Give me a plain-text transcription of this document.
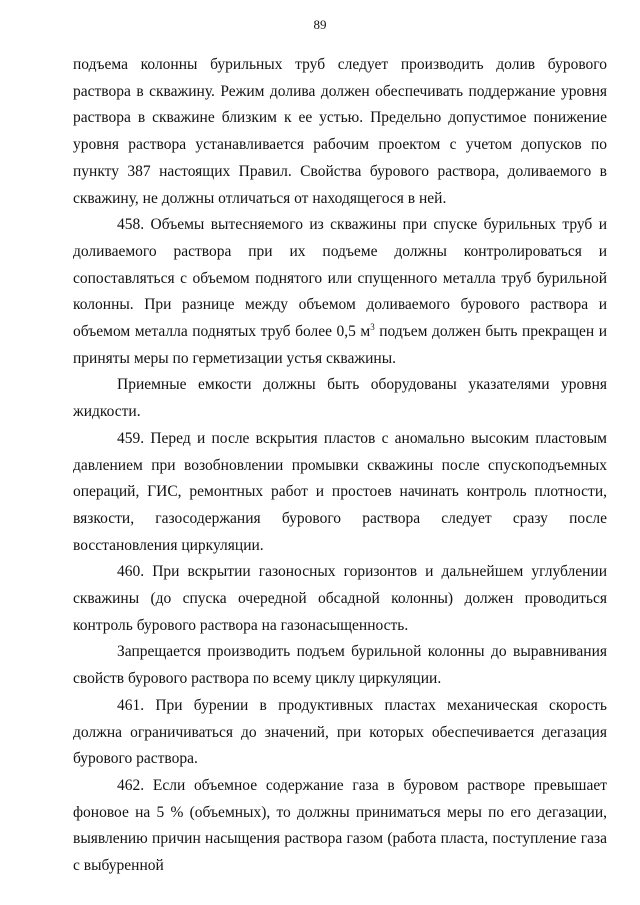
89

подъема колонны бурильных труб следует производить долив бурового раствора в скважину. Режим долива должен обеспечивать поддержание уровня раствора в скважине близким к ее устью. Предельно допустимое понижение уровня раствора устанавливается рабочим проектом с учетом допусков по пункту 387 настоящих Правил. Свойства бурового раствора, доливаемого в скважину, не должны отличаться от находящегося в ней.

458. Объемы вытесняемого из скважины при спуске бурильных труб и доливаемого раствора при их подъеме должны контролироваться и сопоставляться с объемом поднятого или спущенного металла труб бурильной колонны. При разнице между объемом доливаемого бурового раствора и объемом металла поднятых труб более 0,5 $м^3$ подъем должен быть прекращен и приняты меры по герметизации устья скважины.

Приемные емкости должны быть оборудованы указателями уровня жидкости.

459. Перед и после вскрытия пластов с аномально высоким пластовым давлением при возобновлении промывки скважины после спускоподъемных операций, ГИС, ремонтных работ и простоев начинать контроль плотности, вязкости, газосодержания бурового раствора следует сразу после восстановления циркуляции.

460. При вскрытии газоносных горизонтов и дальнейшем углублении скважины (до спуска очередной обсадной колонны) должен проводиться контроль бурового раствора на газонасыщенность.

Запрещается производить подъем бурильной колонны до выравнивания свойств бурового раствора по всему циклу циркуляции.

461. При бурении в продуктивных пластах механическая скорость должна ограничиваться до значений, при которых обеспечивается дегазация бурового раствора.

462. Если объемное содержание газа в буровом растворе превышает фоновое на 5 % (объемных), то должны приниматься меры по его дегазации, выявлению причин насыщения раствора газом (работа пласта, поступление газа с выбуренной
